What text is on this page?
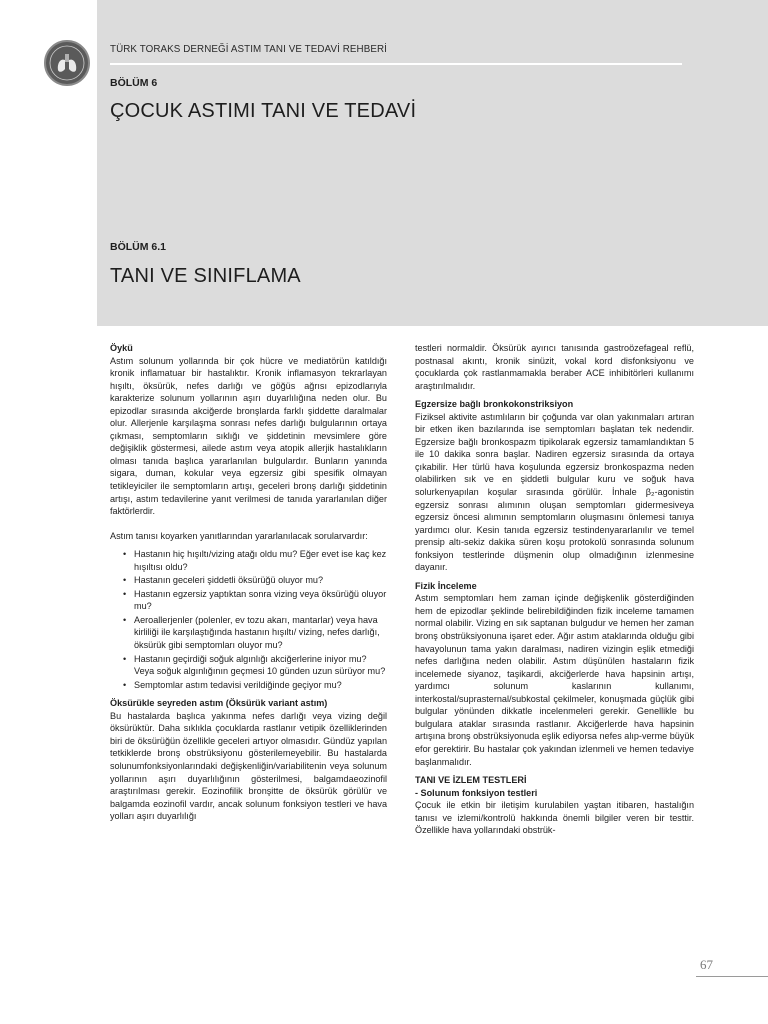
TÜRK TORAKS DERNEĞİ ASTIM TANI VE TEDAVİ REHBERİ
BÖLÜM 6
ÇOCUK ASTIMI TANI VE TEDAVİ
BÖLÜM 6.1
TANI VE SINIFLAMA

Öykü

Astım solunum yollarında bir çok hücre ve mediatörün katıldığı kronik inflamatuar bir hastalıktır. Kronik inflamasyon tekrarlayan hışıltı, öksürük, nefes darlığı ve göğüs ağrısı epizodlarıyla karakterize solunum yollarının aşırı duyarlılığına neden olur. Bu epizodlar sırasında akciğerde bronşlarda farklı şiddette daralmalar olur. Allerjenle karşılaşma sonrası nefes darlığı bulgularının ortaya çıkması, semptomların sıklığı ve şiddetinin mevsimlere göre değişiklik göstermesi, ailede astım veya atopik allerjik hastalıkların olması tanıda başlıca yararlanılan bulgulardır. Bunların yanında sigara, duman, kokular veya egzersiz gibi spesifik olmayan tetikleyiciler ile semptomların artışı, geceleri bronş darlığı şiddetinin artışı, astım tedavilerine yanıt verilmesi de tanıda yararlanılan diğer faktörlerdir.

Astım tanısı koyarken yanıtlarından yararlanılacak sorularvardır:

• Hastanın hiç hışıltı/vizing atağı oldu mu? Eğer evet ise kaç kez hışıltısı oldu?
• Hastanın geceleri şiddetli öksürüğü oluyor mu?
• Hastanın egzersiz yaptıktan sonra vizing veya öksürüğü oluyor mu?
• Aeroallerjenler (polenler, ev tozu akarı, mantarlar) veya hava kirliliği ile karşılaştığında hastanın hışıltı/ vizing, nefes darlığı, öksürük gibi semptomları oluyor mu?
• Hastanın geçirdiği soğuk algınlığı akciğerlerine iniyor mu? Veya soğuk algınlığının geçmesi 10 günden uzun sürüyor mu?
• Semptomlar astım tedavisi verildiğinde geçiyor mu?

Öksürükle seyreden astım (Öksürük variant astım)

Bu hastalarda başlıca yakınma nefes darlığı veya vizing değil öksürüktür. Daha sıklıkla çocuklarda rastlanır vetipik özelliklerinden biri de öksürüğün özellikle geceleri artıyor olmasıdır. Gündüz yapılan tetkiklerde bronş obstrüksiyonu gösterilemeyebilir. Bu hastalarda solunumfonksiyonlarındaki değişkenliğin/variabilitenin veya solunum yollarının aşırı duyarlılığının gösterilmesi, balgamdaeozinofil araştırılması gerekir. Eozinofilik bronşitte de öksürük görülür ve balgamda eozinofil vardır, ancak solunum fonksiyon testleri ve hava yolları aşırı duyarlılığı

testleri normaldir. Öksürük ayırıcı tanısında gastroözefageal reflü, postnasal akıntı, kronik sinüzit, vokal kord disfonksiyonu ve çocuklarda çok rastlanmamakla beraber ACE inhibitörleri kullanımı araştırılmalıdır.

Egzersize bağlı bronkokonstriksiyon

Fiziksel aktivite astımlıların bir çoğunda var olan yakınmaları artıran bir etken iken bazılarında ise semptomları başlatan tek nedendir. Egzersize bağlı bronkospazm tipikolarak egzersiz tamamlandıktan 5 ile 10 dakika sonra başlar. Nadiren egzersiz sırasında da ortaya çıkabilir. Her türlü hava koşulunda egzersiz bronkospazma neden olabilirken sık ve en şiddetli bulgular kuru ve soğuk hava solurkenyapılan koşular sırasında görülür. İnhale β₂-agonistin egzersiz sonrası alımının oluşan semptomları gidermesiveya egzersiz öncesi alımının semptomların oluşmasını önlemesi tanıya yardımcı olur. Kesin tanıda egzersiz testindenyararlanılır ve temel prensip altı-sekiz dakika süren koşu protokolü sonrasında solunum fonksiyon testlerinde düşmenin olup olmadığının izlenmesine dayanır.

Fizik İnceleme

Astım semptomları hem zaman içinde değişkenlik gösterdiğinden hem de epizodlar şeklinde belirebildiğinden fizik inceleme tamamen normal olabilir. Vizing en sık saptanan bulgudur ve hemen her zaman bronş obstrüksiyonuna işaret eder. Ağır astım ataklarında olduğu gibi havayolunun tama yakın daralması, nadiren vizingin eşlik etmediği nefes darlığına neden olabilir. Astım düşünülen hastaların fizik incelemede siyanoz, taşikardi, akciğerlerde hava hapsinin artışı, yardımcı solunum kaslarının kullanımı, interkostal/suprasternal/subkostal çekilmeler, konuşmada güçlük gibi bulgular yönünden dikkatle incelenmeleri gerekir. Genellikle bu bulgulara ataklar sırasında rastlanır. Akciğerlerde hava hapsinin artışına bronş obstrüksiyonuda eşlik ediyorsa nefes alıp-verme büyük efor gerektirir. Bu hastalar çok yakından izlenmeli ve hemen tedaviye başlanmalıdır.

TANI VE İZLEM TESTLERİ

- Solunum fonksiyon testleri

Çocuk ile etkin bir iletişim kurulabilen yaştan itibaren, hastalığın tanısı ve izlemi/kontrolü hakkında önemli bilgiler veren bir testtir. Özellikle hava yollarındaki obstrük-

67
